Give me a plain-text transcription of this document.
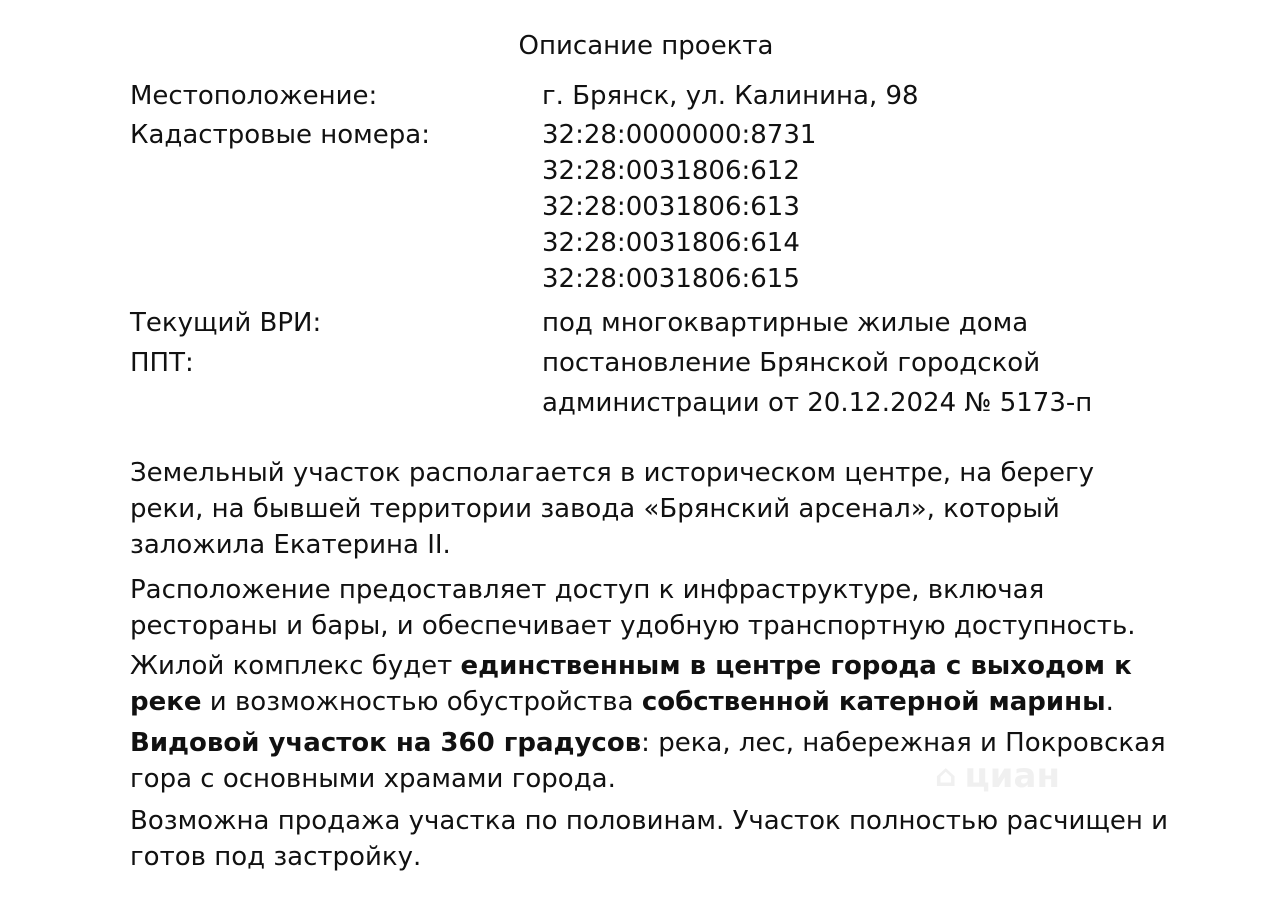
Описание проекта
Местоположение:	г. Брянск, ул. Калинина, 98
Кадастровые номера:	32:28:0000000:8731
32:28:0031806:612
32:28:0031806:613
32:28:0031806:614
32:28:0031806:615
Текущий ВРИ:	под многоквартирные жилые дома
ППТ:	постановление Брянской городской
администрации от 20.12.2024 № 5173-п
Земельный участок располагается в историческом центре, на берегу реки, на бывшей территории завода «Брянский арсенал», который заложила Екатерина II.
Расположение предоставляет доступ к инфраструктуре, включая рестораны и бары, и обеспечивает удобную транспортную доступность.
Жилой комплекс будет единственным в центре города с выходом к реке и возможностью обустройства собственной катерной марины.
Видовой участок на 360 градусов: река, лес, набережная и Покровская гора с основными храмами города.
Возможна продажа участка по половинам. Участок полностью расчищен и готов под застройку.
⌂ циан
